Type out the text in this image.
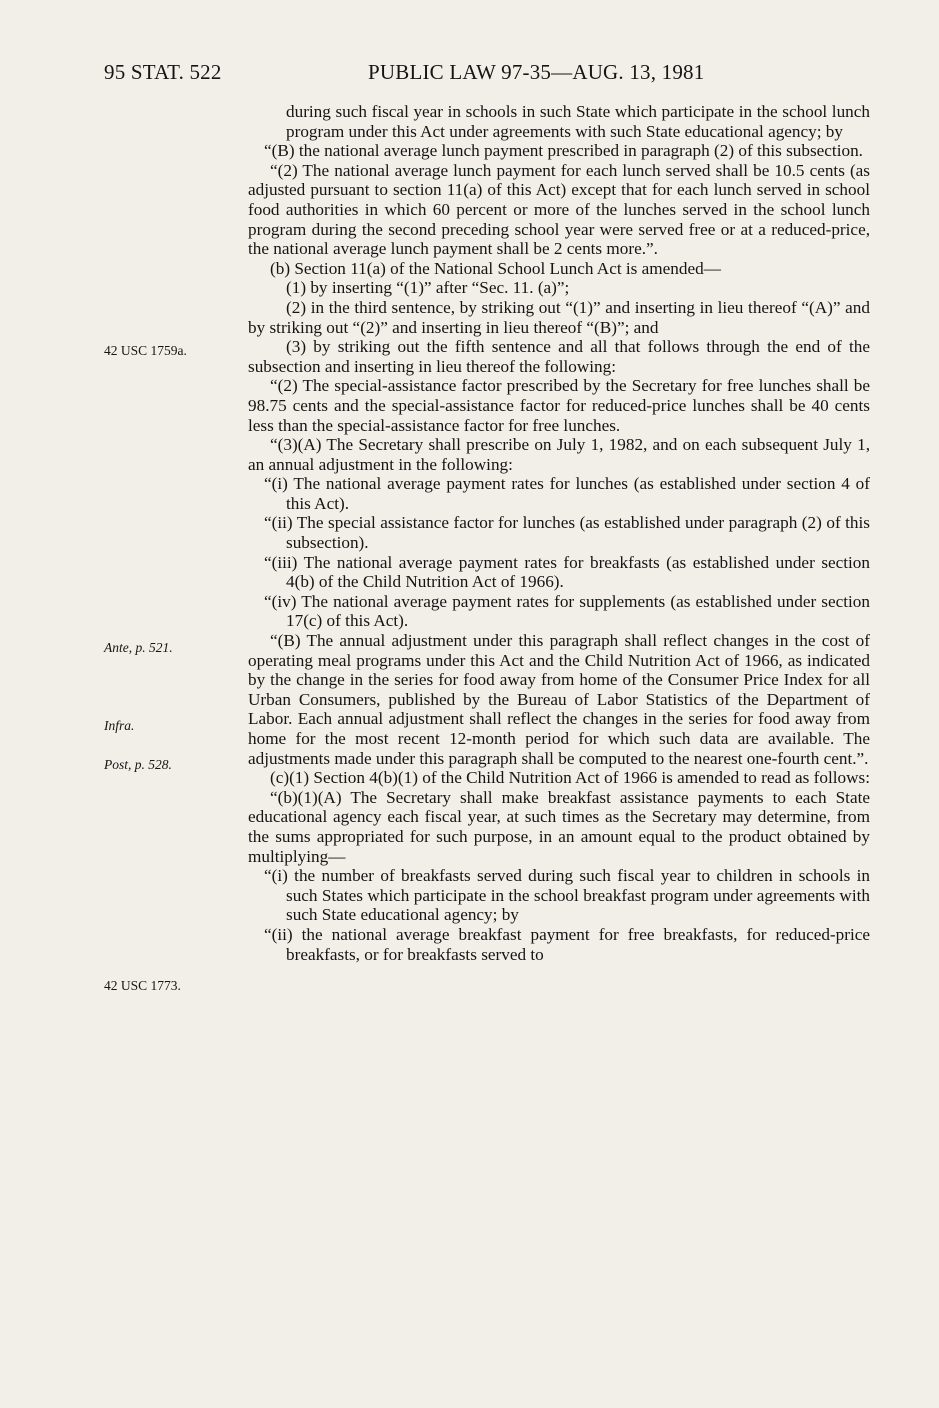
95 STAT. 522	PUBLIC LAW 97-35—AUG. 13, 1981
42 USC 1759a.
Ante, p. 521.
Infra.
Post, p. 528.
42 USC 1773.

during such fiscal year in schools in such State which participate in the school lunch program under this Act under agreements with such State educational agency; by

“(B) the national average lunch payment prescribed in paragraph (2) of this subsection.

“(2) The national average lunch payment for each lunch served shall be 10.5 cents (as adjusted pursuant to section 11(a) of this Act) except that for each lunch served in school food authorities in which 60 percent or more of the lunches served in the school lunch program during the second preceding school year were served free or at a reduced-price, the national average lunch payment shall be 2 cents more.”.

(b) Section 11(a) of the National School Lunch Act is amended—

(1) by inserting “(1)” after “Sec. 11. (a)”;

(2) in the third sentence, by striking out “(1)” and inserting in lieu thereof “(A)” and by striking out “(2)” and inserting in lieu thereof “(B)”; and

(3) by striking out the fifth sentence and all that follows through the end of the subsection and inserting in lieu thereof the following:

“(2) The special-assistance factor prescribed by the Secretary for free lunches shall be 98.75 cents and the special-assistance factor for reduced-price lunches shall be 40 cents less than the special-assistance factor for free lunches.

“(3)(A) The Secretary shall prescribe on July 1, 1982, and on each subsequent July 1, an annual adjustment in the following:

“(i) The national average payment rates for lunches (as established under section 4 of this Act).

“(ii) The special assistance factor for lunches (as established under paragraph (2) of this subsection).

“(iii) The national average payment rates for breakfasts (as established under section 4(b) of the Child Nutrition Act of 1966).

“(iv) The national average payment rates for supplements (as established under section 17(c) of this Act).

“(B) The annual adjustment under this paragraph shall reflect changes in the cost of operating meal programs under this Act and the Child Nutrition Act of 1966, as indicated by the change in the series for food away from home of the Consumer Price Index for all Urban Consumers, published by the Bureau of Labor Statistics of the Department of Labor. Each annual adjustment shall reflect the changes in the series for food away from home for the most recent 12-month period for which such data are available. The adjustments made under this paragraph shall be computed to the nearest one-fourth cent.”.

(c)(1) Section 4(b)(1) of the Child Nutrition Act of 1966 is amended to read as follows:

“(b)(1)(A) The Secretary shall make breakfast assistance payments to each State educational agency each fiscal year, at such times as the Secretary may determine, from the sums appropriated for such purpose, in an amount equal to the product obtained by multiplying—

“(i) the number of breakfasts served during such fiscal year to children in schools in such States which participate in the school breakfast program under agreements with such State educational agency; by

“(ii) the national average breakfast payment for free breakfasts, for reduced-price breakfasts, or for breakfasts served to
